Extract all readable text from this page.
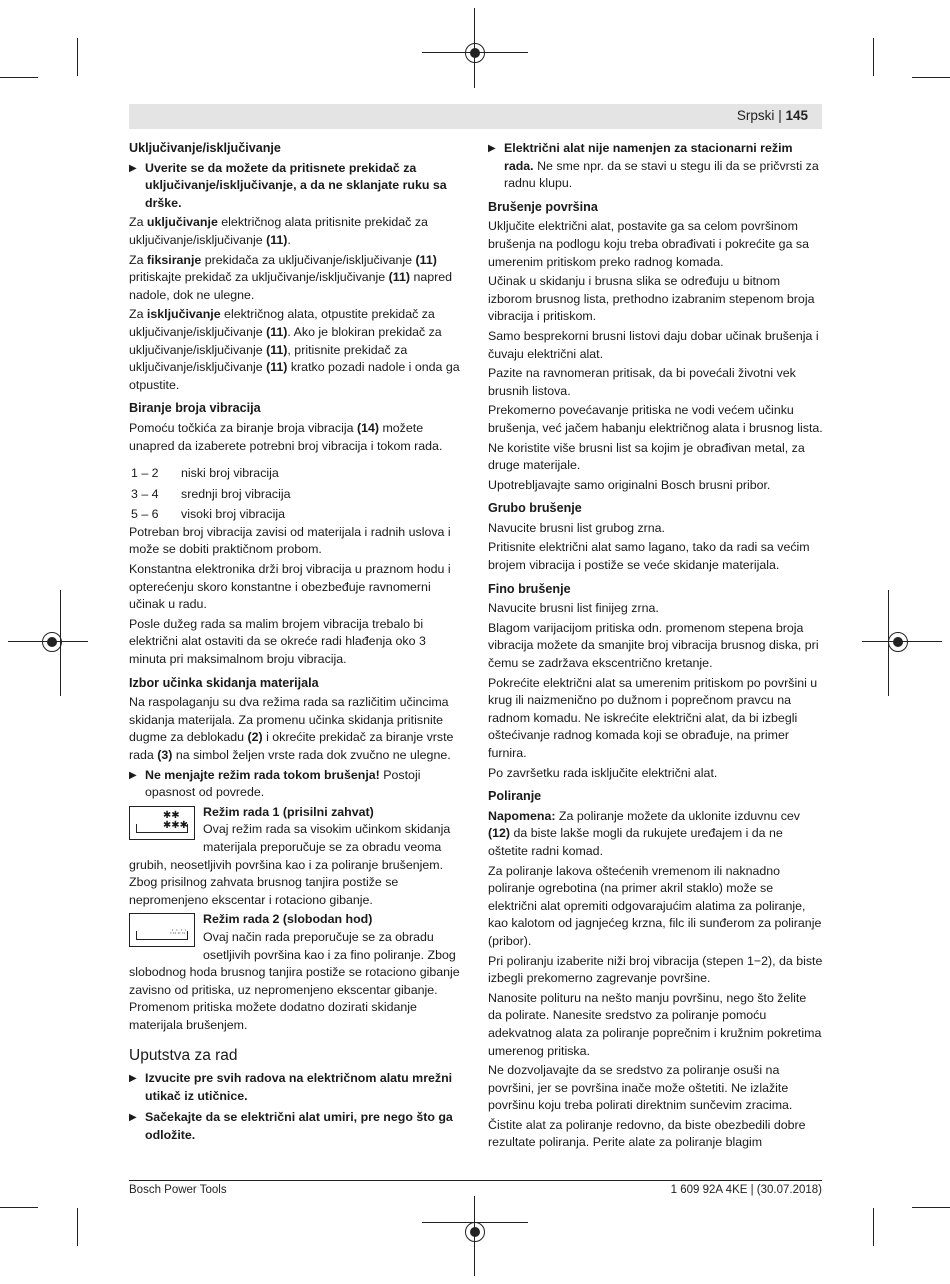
Srpski | 145
Uključivanje/isključivanje
▶ Uverite se da možete da pritisnete prekidač za uključivanje/isključivanje, a da ne sklanjate ruku sa drške.

Za uključivanje električnog alata pritisnite prekidač za uključivanje/isključivanje (11).

Za fiksiranje prekidača za uključivanje/isključivanje (11) pritiskajte prekidač za uključivanje/isključivanje (11) napred nadole, dok ne ulegne.

Za isključivanje električnog alata, otpustite prekidač za uključivanje/isključivanje (11). Ako je blokiran prekidač za uključivanje/isključivanje (11), pritisnite prekidač za uključivanje/isključivanje (11) kratko pozadi nadole i onda ga otpustite.

Biranje broja vibracija

Pomoću točkića za biranje broja vibracija (14) možete unapred da izaberete potrebni broj vibracija i tokom rada.

1 – 2	niski broj vibracija
3 – 4	srednji broj vibracija
5 – 6	visoki broj vibracija

Potreban broj vibracija zavisi od materijala i radnih uslova i može se dobiti praktičnom probom.

Konstantna elektronika drži broj vibracija u praznom hodu i opterećenju skoro konstantne i obezbeđuje ravnomerni učinak u radu.

Posle dužeg rada sa malim brojem vibracija trebalo bi električni alat ostaviti da se okreće radi hlađenja oko 3 minuta pri maksimalnom broju vibracija.

Izbor učinka skidanja materijala

Na raspolaganju su dva režima rada sa različitim učincima skidanja materijala. Za promenu učinka skidanja pritisnite dugme za deblokadu (2) i okrećite prekidač za biranje vrste rada (3) na simbol željen vrste rada dok zvučno ne ulegne.

▶ Ne menjajte režim rada tokom brušenja! Postoji opasnost od povrede.
✱✱
✱✱✱
Režim rada 1 (prisilni zahvat)
Ovaj režim rada sa visokim učinkom skidanja materijala preporučuje se za obradu veoma grubih, neosetljivih površina kao i za poliranje brušenjem. Zbog prisilnog zahvata brusnog tanjira postiže se nepromenjeno ekscentar i rotaciono gibanje.
∴∴∴∴
Režim rada 2 (slobodan hod)
Ovaj način rada preporučuje se za obradu osetljivih površina kao i za fino poliranje. Zbog slobodnog hoda brusnog tanjira postiže se rotaciono gibanje zavisno od pritiska, uz nepromenjeno ekscentar gibanje. Promenom pritiska možete dodatno dozirati skidanje materijala brušenjem.
Uputstva za rad
▶ Izvucite pre svih radova na električnom alatu mrežni utikač iz utičnice.
▶ Sačekajte da se električni alat umiri, pre nego što ga odložite.
▶ Električni alat nije namenjen za stacionarni režim rada. Ne sme npr. da se stavi u stegu ili da se pričvrsti za radnu klupu.
Brušenje površina

Uključite električni alat, postavite ga sa celom površinom brušenja na podlogu koju treba obrađivati i pokrećite ga sa umerenim pritiskom preko radnog komada.

Učinak u skidanju i brusna slika se određuju u bitnom izborom brusnog lista, prethodno izabranim stepenom broja vibracija i pritiskom.

Samo besprekorni brusni listovi daju dobar učinak brušenja i čuvaju električni alat.

Pazite na ravnomeran pritisak, da bi povećali životni vek brusnih listova.

Prekomerno povećavanje pritiska ne vodi većem učinku brušenja, već jačem habanju električnog alata i brusnog lista.

Ne koristite više brusni list sa kojim je obrađivan metal, za druge materijale.

Upotrebljavajte samo originalni Bosch brusni pribor.

Grubo brušenje

Navucite brusni list grubog zrna.

Pritisnite električni alat samo lagano, tako da radi sa većim brojem vibracija i postiže se veće skidanje materijala.

Fino brušenje

Navucite brusni list finijeg zrna.

Blagom varijacijom pritiska odn. promenom stepena broja vibracija možete da smanjite broj vibracija brusnog diska, pri čemu se zadržava ekscentrično kretanje.

Pokrećite električni alat sa umerenim pritiskom po površini u krug ili naizmenično po dužnom i poprečnom pravcu na radnom komadu. Ne iskrećite električni alat, da bi izbegli oštećivanje radnog komada koji se obrađuje, na primer furnira.

Po završetku rada isključite električni alat.

Poliranje

Napomena: Za poliranje možete da uklonite izduvnu cev (12) da biste lakše mogli da rukujete uređajem i da ne oštetite radni komad.

Za poliranje lakova oštećenih vremenom ili naknadno poliranje ogrebotina (na primer akril staklo) može se električni alat opremiti odgovarajućim alatima za poliranje, kao kalotom od jagnjećeg krzna, filc ili sunđerom za poliranje (pribor).

Pri poliranju izaberite niži broj vibracija (stepen 1−2), da biste izbegli prekomerno zagrevanje površine.

Nanosite polituru na nešto manju površinu, nego što želite da polirate. Nanesite sredstvo za poliranje pomoću adekvatnog alata za poliranje poprečnim i kružnim pokretima umerenog pritiska.

Ne dozvoljavajte da se sredstvo za poliranje osuši na površini, jer se površina inače može oštetiti. Ne izlažite površinu koju treba polirati direktnim sunčevim zracima.

Čistite alat za poliranje redovno, da biste obezbedili dobre rezultate poliranja. Perite alate za poliranje blagim

Bosch Power Tools	1 609 92A 4KE | (30.07.2018)
